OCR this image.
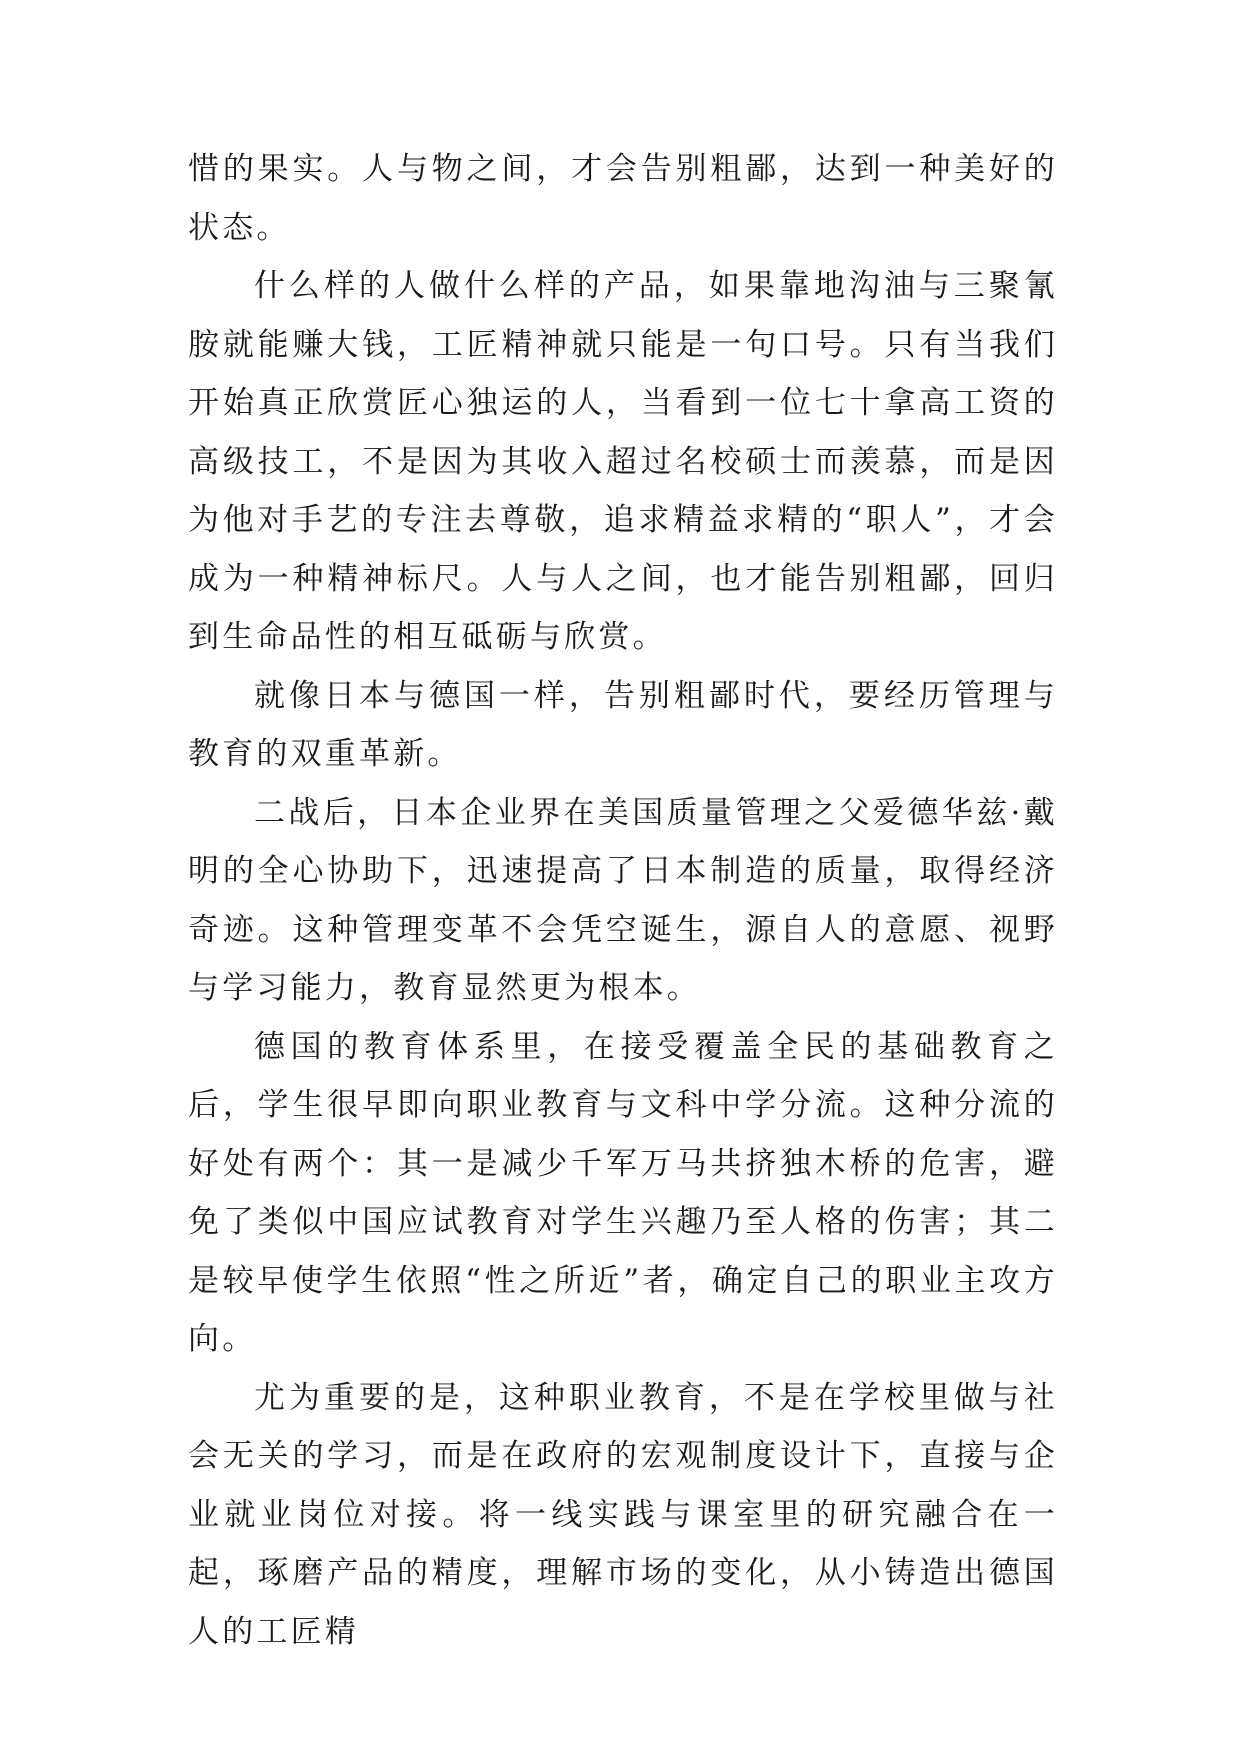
惜的果实。人与物之间，才会告别粗鄙，达到一种美好的状态。

什么样的人做什么样的产品，如果靠地沟油与三聚氰胺就能赚大钱，工匠精神就只能是一句口号。只有当我们开始真正欣赏匠心独运的人，当看到一位七十拿高工资的高级技工，不是因为其收入超过名校硕士而羡慕，而是因为他对手艺的专注去尊敬，追求精益求精的“职人”，才会成为一种精神标尺。人与人之间，也才能告别粗鄙，回归到生命品性的相互砥砺与欣赏。

就像日本与德国一样，告别粗鄙时代，要经历管理与教育的双重革新。

二战后，日本企业界在美国质量管理之父爱德华兹·戴明的全心协助下，迅速提高了日本制造的质量，取得经济奇迹。这种管理变革不会凭空诞生，源自人的意愿、视野与学习能力，教育显然更为根本。

德国的教育体系里，在接受覆盖全民的基础教育之后，学生很早即向职业教育与文科中学分流。这种分流的好处有两个：其一是减少千军万马共挤独木桥的危害，避免了类似中国应试教育对学生兴趣乃至人格的伤害；其二是较早使学生依照“性之所近”者，确定自己的职业主攻方向。

尤为重要的是，这种职业教育，不是在学校里做与社会无关的学习，而是在政府的宏观制度设计下，直接与企业就业岗位对接。将一线实践与课室里的研究融合在一起，琢磨产品的精度，理解市场的变化，从小铸造出德国人的工匠精
